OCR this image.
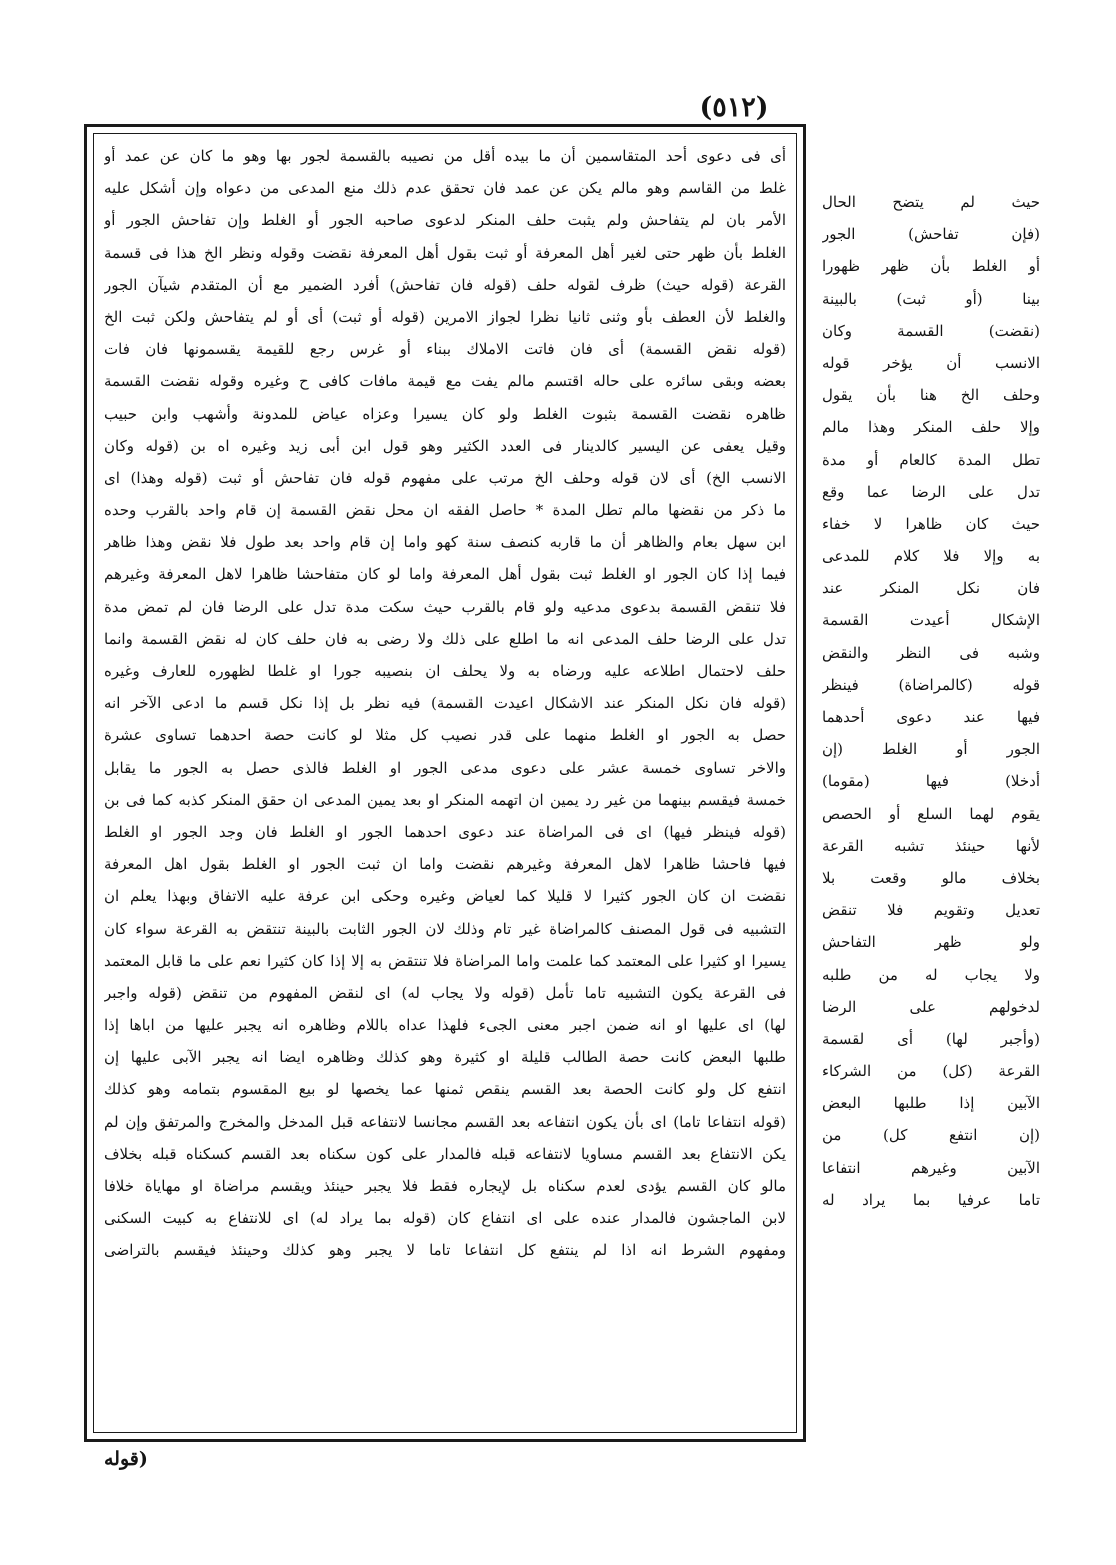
(٥١٢)
أى فى دعوى أحد المتقاسمين أن ما بيده أقل من نصيبه بالقسمة لجور بها وهو ما كان عن عمد أو
غلط من القاسم وهو مالم يكن عن عمد فان تحقق عدم ذلك منع المدعى من دعواه وإن أشكل عليه
الأمر بان لم يتفاحش ولم يثبت حلف المنكر لدعوى صاحبه الجور أو الغلط وإن تفاحش الجور أو
الغلط بأن ظهر حتى لغير أهل المعرفة أو ثبت بقول أهل المعرفة نقضت وقوله ونظر الخ هذا فى قسمة
القرعة (قوله حيث) ظرف لقوله حلف (قوله فان تفاحش) أفرد الضمير مع أن المتقدم شيآن الجور
والغلط لأن العطف بأو وثنى ثانيا نظرا لجواز الامرين (قوله أو ثبت) أى أو لم يتفاحش ولكن ثبت الخ
(قوله نقض القسمة) أى فان فاتت الاملاك ببناء أو غرس رجع للقيمة يقسمونها فان فات
بعضه وبقى سائره على حاله اقتسم مالم يفت مع قيمة مافات كافى ح وغيره وقوله نقضت القسمة
ظاهره نقضت القسمة بثبوت الغلط ولو كان يسيرا وعزاه عياض للمدونة وأشهب وابن حبيب
وقيل يعفى عن اليسير كالدينار فى العدد الكثير وهو قول ابن أبى زيد وغيره اه بن (قوله وكان
الانسب الخ) أى لان قوله وحلف الخ مرتب على مفهوم قوله فان تفاحش أو ثبت (قوله وهذا) اى
ما ذكر من نقضها مالم تطل المدة * حاصل الفقه ان محل نقض القسمة إن قام واحد بالقرب وحده
ابن سهل بعام والظاهر أن ما قاربه كنصف سنة كهو واما إن قام واحد بعد طول فلا نقض وهذا ظاهر
فيما إذا كان الجور او الغلط ثبت بقول أهل المعرفة واما لو كان متفاحشا ظاهرا لاهل المعرفة وغيرهم
فلا تنقض القسمة بدعوى مدعيه ولو قام بالقرب حيث سكت مدة تدل على الرضا فان لم تمض مدة
تدل على الرضا حلف المدعى انه ما اطلع على ذلك ولا رضى به فان حلف كان له نقض القسمة وانما
حلف لاحتمال اطلاعه عليه ورضاه به ولا يحلف ان بنصيبه جورا او غلطا لظهوره للعارف وغيره
(قوله فان نكل المنكر عند الاشكال اعيدت القسمة) فيه نظر بل إذا نكل قسم ما ادعى الآخر انه
حصل به الجور او الغلط منهما على قدر نصيب كل مثلا لو كانت حصة احدهما تساوى عشرة
والاخر تساوى خمسة عشر على دعوى مدعى الجور او الغلط فالذى حصل به الجور ما يقابل
خمسة فيقسم بينهما من غير رد يمين ان اتهمه المنكر او بعد يمين المدعى ان حقق المنكر كذبه كما فى بن
(قوله فينظر فيها) اى فى المراضاة عند دعوى احدهما الجور او الغلط فان وجد الجور او الغلط
فيها فاحشا ظاهرا لاهل المعرفة وغيرهم نقضت واما ان ثبت الجور او الغلط بقول اهل المعرفة
نقضت ان كان الجور كثيرا لا قليلا كما لعياض وغيره وحكى ابن عرفة عليه الاتفاق وبهذا يعلم ان
التشبيه فى قول المصنف كالمراضاة غير تام وذلك لان الجور الثابت بالبينة تنتقض به القرعة سواء كان
يسيرا او كثيرا على المعتمد كما علمت واما المراضاة فلا تنتقض به إلا إذا كان كثيرا نعم على ما قابل المعتمد
فى القرعة يكون التشبيه تاما تأمل (قوله ولا يجاب له) اى لنقض المفهوم من تنقض (قوله واجبر
لها) اى عليها او انه ضمن اجبر معنى الجىء فلهذا عداه باللام وظاهره انه يجبر عليها من اباها إذا
طلبها البعض كانت حصة الطالب قليلة او كثيرة وهو كذلك وظاهره ايضا انه يجبر الآبى عليها إن
انتفع كل ولو كانت الحصة بعد القسم ينقص ثمنها عما يخصها لو بيع المقسوم بتمامه وهو كذلك
(قوله انتفاعا تاما) اى بأن يكون انتفاعه بعد القسم مجانسا لانتفاعه قبل المدخل والمخرج والمرتفق وإن لم
يكن الانتفاع بعد القسم مساويا لانتفاعه قبله فالمدار على كون سكناه بعد القسم كسكناه قبله بخلاف
مالو كان القسم يؤدى لعدم سكناه بل لإيجاره فقط فلا يجبر حينئذ ويقسم مراضاة او مهاياة خلافا
لابن الماجشون فالمدار عنده على اى انتفاع كان (قوله بما يراد له) اى للانتفاع به كبيت السكنى
ومفهوم الشرط انه اذا لم ينتفع كل انتفاعا تاما لا يجبر وهو كذلك وحينئذ فيقسم بالتراضى
حيث لم يتضح الحال
(فإن تفاحش) الجور
أو الغلط بأن ظهر ظهورا
بينا (أو ثبت) بالبينة
(نقضت) القسمة وكان
الانسب أن يؤخر قوله
وحلف الخ هنا بأن يقول
وإلا حلف المنكر وهذا مالم
تطل المدة كالعام أو مدة
تدل على الرضا عما وقع
حيث كان ظاهرا لا خفاء
به وإلا فلا كلام للمدعى
فان نكل المنكر عند
الإشكال أعيدت القسمة
وشبه فى النظر والنقض
قوله (كالمراضاة) فينظر
فيها عند دعوى أحدهما
الجور أو الغلط (إن
أدخلا) فيها (مقوما)
يقوم لهما السلع أو الحصص
لأنها حينئذ تشبه القرعة
بخلاف مالو وقعت بلا
تعديل وتقويم فلا تنقض
ولو ظهر التفاحش
ولا يجاب له من طلبه
لدخولهم على الرضا
(وأجبر لها) أى لقسمة
القرعة (كل) من الشركاء
الآبين إذا طلبها البعض
(إن انتفع كل) من
الآبين وغيرهم انتفاعا
تاما عرفيا بما يراد له
(قوله
